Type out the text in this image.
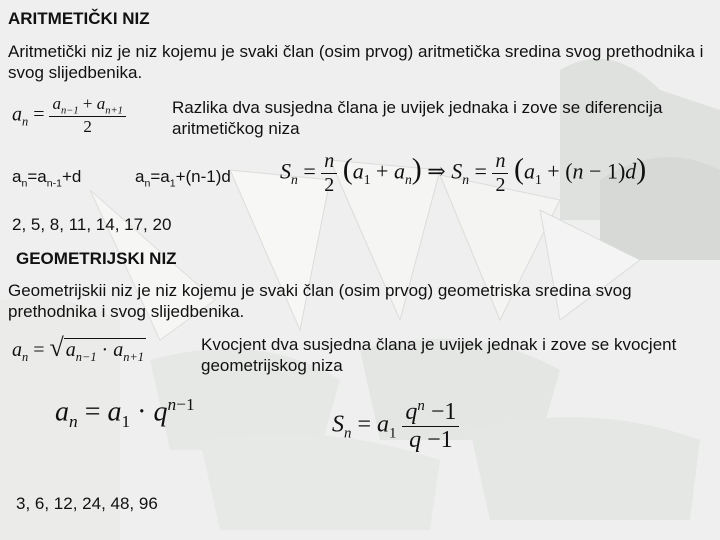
ARITMETIČKI NIZ
Aritmetički niz je niz kojemu je svaki član (osim prvog) aritmetička sredina svog prethodnika i svog slijedbenika.
$a_n = \frac{a_{n-1} + a_{n+1}}{2}$	Razlika dva susjedna člana je uvijek jednaka i zove se diferencija aritmetičkog niza
$a_n=a_{n-1}+d$	$a_n=a_1+(n-1)d$ $S_n = \frac{n}{2} (a_1 + a_n)$ ⇒ $S_n = \frac{n}{2} (a_1 + (n - 1)d)$
2, 5, 8, 11, 14, 17, 20
GEOMETRIJSKI NIZ
Geometrijskii niz je niz kojemu je svaki član (osim prvog) geometriska sredina svog prethodnika i svog slijedbenika.
$a_n$ = √ $a_{n-1} \cdot a_{n+1}$
Kvocjent dva susjedna člana je uvijek jednak i zove se kvocjent geometrijskog niza
$a_n = a_1 \cdot q^{n-1}$
$S_n = a_1 \frac{q^n -1}{q -1}$
3, 6, 12, 24, 48, 96
